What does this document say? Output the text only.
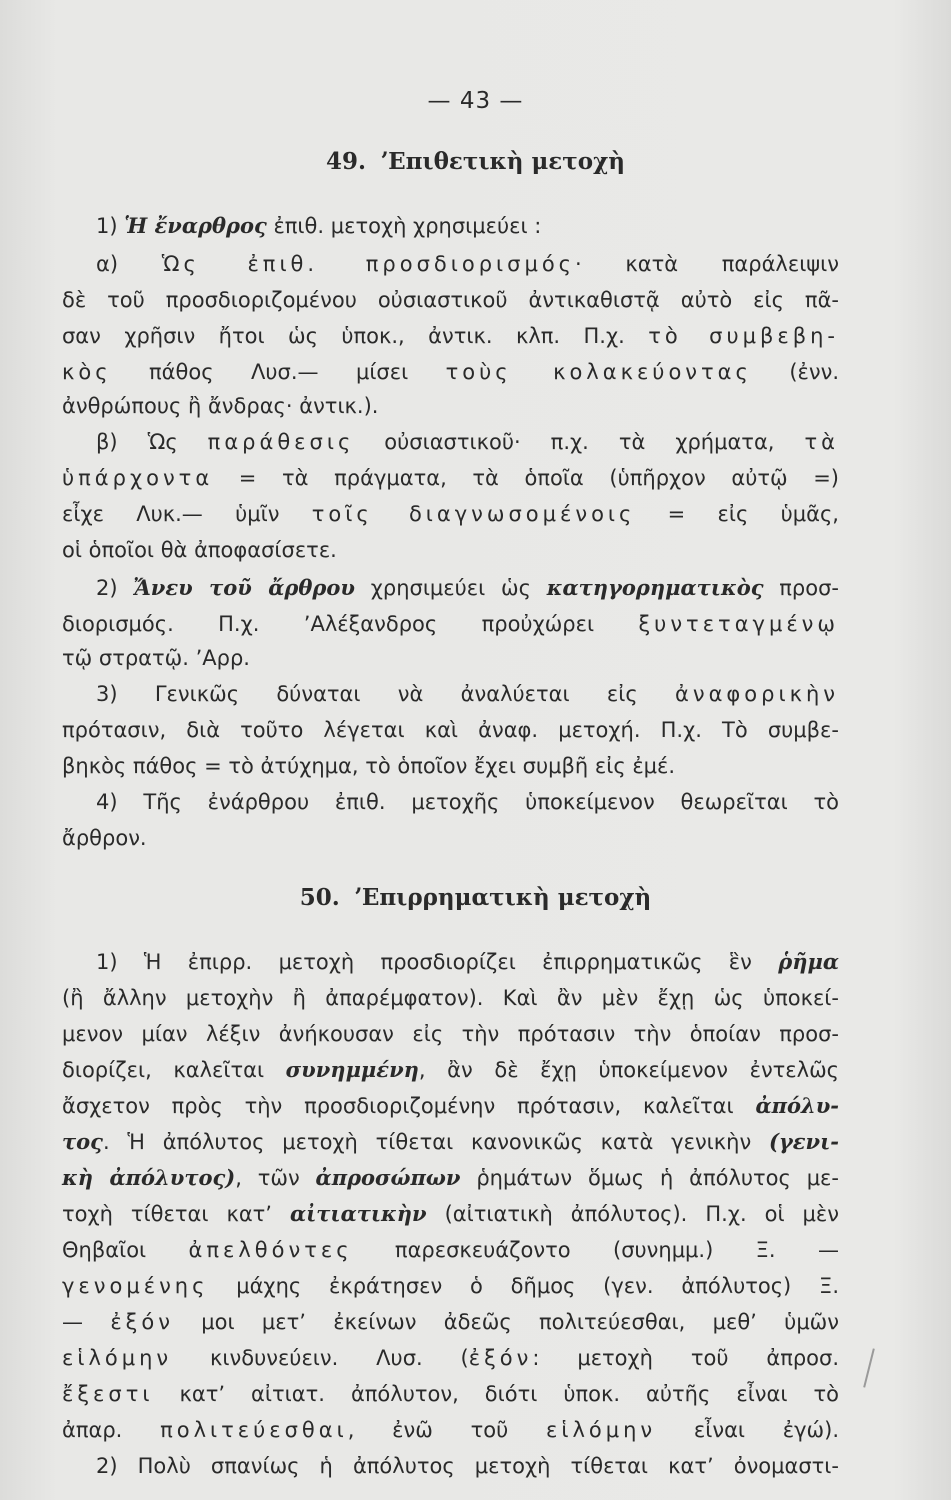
— 43 —
49. ʼΕπιθετικὴ μετοχὴ
1) Ἡ ἔναρθρος ἐπιθ. μετοχὴ χρησιμεύει :
α) Ὡς ἐπιθ. προσδιορισμός· κατὰ παράλειψιν
δὲ τοῦ προσδιοριζομένου οὐσιαστικοῦ ἀντικαθιστᾷ αὐτὸ εἰς πᾶ-
σαν χρῆσιν ἤτοι ὡς ὑποκ., ἀντικ. κλπ. Π.χ. τὸ συμβεβη-
κὸς πάθος Λυσ.— μίσει τοὺς κολακεύοντας (ἐνν.
ἀνθρώπους ἢ ἄνδρας· ἀντικ.).
β) Ὡς παράθεσις οὐσιαστικοῦ· π.χ. τὰ χρήματα, τὰ
ὑπάρχοντα = τὰ πράγματα, τὰ ὁποῖα (ὑπῆρχον αὐτῷ =)
εἶχε Λυκ.— ὑμῖν τοῖς διαγνωσομένοις = εἰς ὑμᾶς,
οἱ ὁποῖοι θὰ ἀποφασίσετε.
2) Ἄνευ τοῦ ἄρθρου χρησιμεύει ὡς κατηγορηματικὸς προσ-
διορισμός. Π.χ. ʼΑλέξανδρος προὐχώρει ξυντεταγμένῳ
τῷ στρατῷ. ʼΑρρ.
3) Γενικῶς δύναται νὰ ἀναλύεται εἰς ἀναφορικὴν
πρότασιν, διὰ τοῦτο λέγεται καὶ ἀναφ. μετοχή. Π.χ. Τὸ συμβε-
βηκὸς πάθος = τὸ ἀτύχημα, τὸ ὁποῖον ἔχει συμβῆ εἰς ἐμέ.
4) Τῆς ἐνάρθρου ἐπιθ. μετοχῆς ὑποκείμενον θεωρεῖται τὸ
ἄρθρον.
50. ʼΕπιρρηματικὴ μετοχὴ
1) Ἡ ἐπιρρ. μετοχὴ προσδιορίζει ἐπιρρηματικῶς ἓν ῥῆμα
(ἢ ἄλλην μετοχὴν ἢ ἀπαρέμφατον). Καὶ ἂν μὲν ἔχῃ ὡς ὑποκεί-
μενον μίαν λέξιν ἀνήκουσαν εἰς τὴν πρότασιν τὴν ὁποίαν προσ-
διορίζει, καλεῖται συνημμένη, ἂν δὲ ἔχῃ ὑποκείμενον ἐντελῶς
ἄσχετον πρὸς τὴν προσδιοριζομένην πρότασιν, καλεῖται ἀπόλυ-
τος. Ἡ ἀπόλυτος μετοχὴ τίθεται κανονικῶς κατὰ γενικὴν (γενι-
κὴ ἀπόλυτος), τῶν ἀπροσώπων ῥημάτων ὅμως ἡ ἀπόλυτος με-
τοχὴ τίθεται κατʼ αἰτιατικὴν (αἰτιατικὴ ἀπόλυτος). Π.χ. οἱ μὲν
Θηβαῖοι ἀπελθόντες παρεσκευάζοντο (συνημμ.) Ξ. —
γενομένης μάχης ἐκράτησεν ὁ δῆμος (γεν. ἀπόλυτος) Ξ.
— ἐξόν μοι μετʼ ἐκείνων ἀδεῶς πολιτεύεσθαι, μεθʼ ὑμῶν
εἱλόμην κινδυνεύειν. Λυσ. (ἐξόν: μετοχὴ τοῦ ἀπροσ.
ἔξεστι κατʼ αἰτιατ. ἀπόλυτον, διότι ὑποκ. αὐτῆς εἶναι τὸ
ἀπαρ. πολιτεύεσθαι, ἐνῶ τοῦ εἱλόμην εἶναι ἐγώ).
2) Πολὺ σπανίως ἡ ἀπόλυτος μετοχὴ τίθεται κατʼ ὀνομαστι-
